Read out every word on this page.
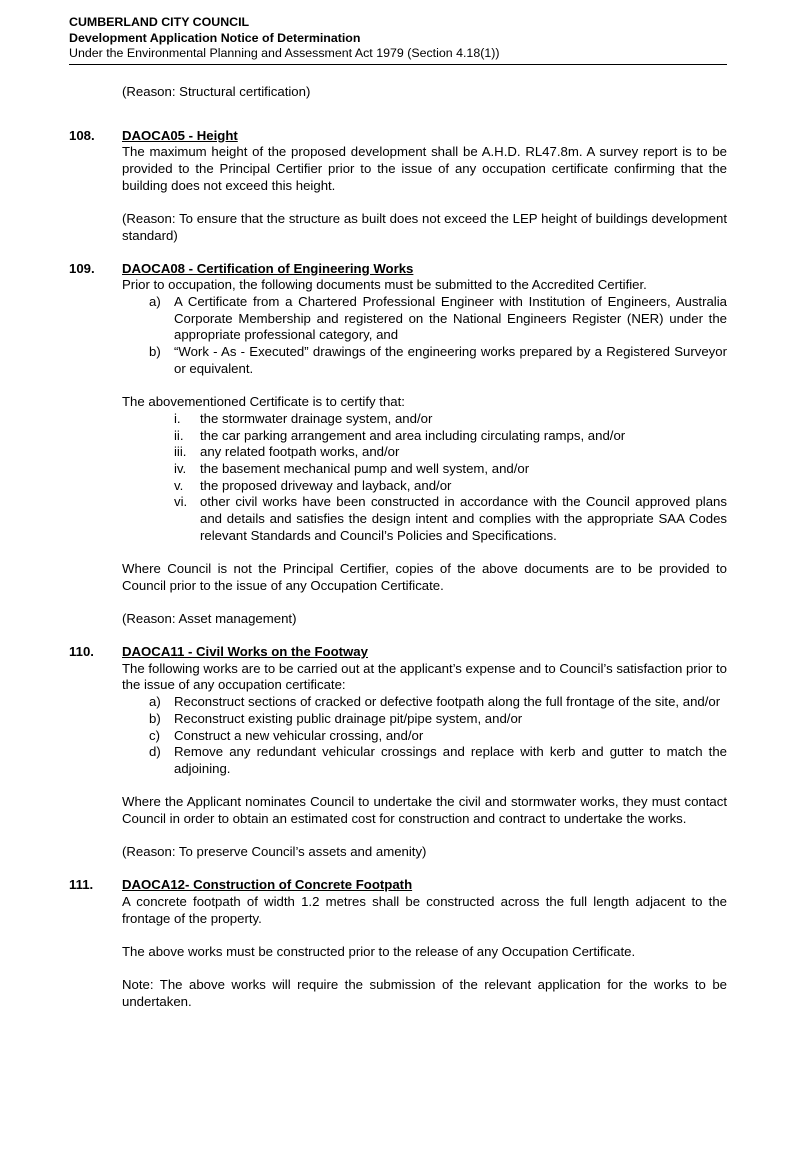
CUMBERLAND CITY COUNCIL
Development Application Notice of Determination
Under the Environmental Planning and Assessment Act 1979 (Section 4.18(1))
(Reason: Structural certification)
108. DAOCA05 - Height
The maximum height of the proposed development shall be A.H.D. RL47.8m. A survey report is to be provided to the Principal Certifier prior to the issue of any occupation certificate confirming that the building does not exceed this height.
(Reason: To ensure that the structure as built does not exceed the LEP height of buildings development standard)
109. DAOCA08 - Certification of Engineering Works
Prior to occupation, the following documents must be submitted to the Accredited Certifier.
a) A Certificate from a Chartered Professional Engineer with Institution of Engineers, Australia Corporate Membership and registered on the National Engineers Register (NER) under the appropriate professional category, and
b) “Work - As - Executed” drawings of the engineering works prepared by a Registered Surveyor or equivalent.
The abovementioned Certificate is to certify that:
i. the stormwater drainage system, and/or
ii. the car parking arrangement and area including circulating ramps, and/or
iii. any related footpath works, and/or
iv. the basement mechanical pump and well system, and/or
v. the proposed driveway and layback, and/or
vi. other civil works have been constructed in accordance with the Council approved plans and details and satisfies the design intent and complies with the appropriate SAA Codes relevant Standards and Council’s Policies and Specifications.
Where Council is not the Principal Certifier, copies of the above documents are to be provided to Council prior to the issue of any Occupation Certificate.
(Reason: Asset management)
110. DAOCA11 - Civil Works on the Footway
The following works are to be carried out at the applicant’s expense and to Council’s satisfaction prior to the issue of any occupation certificate:
a) Reconstruct sections of cracked or defective footpath along the full frontage of the site, and/or
b) Reconstruct existing public drainage pit/pipe system, and/or
c) Construct a new vehicular crossing, and/or
d) Remove any redundant vehicular crossings and replace with kerb and gutter to match the adjoining.
Where the Applicant nominates Council to undertake the civil and stormwater works, they must contact Council in order to obtain an estimated cost for construction and contract to undertake the works.
(Reason: To preserve Council’s assets and amenity)
111. DAOCA12- Construction of Concrete Footpath
A concrete footpath of width 1.2 metres shall be constructed across the full length adjacent to the frontage of the property.
The above works must be constructed prior to the release of any Occupation Certificate.
Note: The above works will require the submission of the relevant application for the works to be undertaken.
